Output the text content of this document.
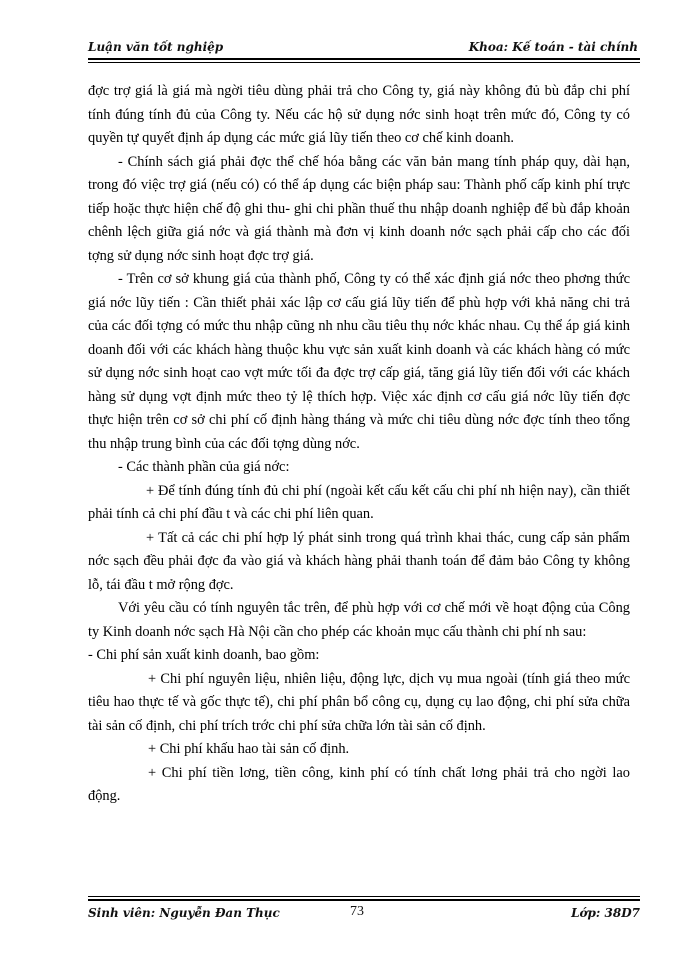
Luận văn tốt nghiệp	Khoa: Kế toán - tài chính

đợc trợ giá là giá mà ngời tiêu dùng phải trả cho Công ty, giá này không đủ bù đắp chi phí tính đúng tính đủ của Công ty. Nếu các hộ sử dụng nớc sinh hoạt trên mức đó, Công ty có quyền tự quyết định áp dụng các mức giá lũy tiến theo cơ chế kinh doanh.

- Chính sách giá phải đợc thể chế hóa bằng các văn bản mang tính pháp quy, dài hạn, trong đó việc trợ giá (nếu có) có thể áp dụng các biện pháp sau: Thành phố cấp kinh phí trực tiếp hoặc thực hiện chế độ ghi thu- ghi chi phần thuế thu nhập doanh nghiệp để bù đắp khoản chênh lệch giữa giá nớc và giá thành mà đơn vị kinh doanh nớc sạch phải cấp cho các đối tợng sử dụng nớc sinh hoạt đợc trợ giá.

- Trên cơ sở khung giá của thành phố, Công ty có thể xác định giá nớc theo phơng thức giá nớc lũy tiến : Cần thiết phải xác lập cơ cấu giá lũy tiến để phù hợp với khả năng chi trả của các đối tợng có mức thu nhập cũng nh nhu cầu tiêu thụ nớc khác nhau. Cụ thể áp giá kinh doanh đối với các khách hàng thuộc khu vực sản xuất kinh doanh và các khách hàng có mức sử dụng nớc sinh hoạt cao vợt mức tối đa đợc trợ cấp giá, tăng giá lũy tiến đối với các khách hàng sử dụng vợt định mức theo tỷ lệ thích hợp. Việc xác định cơ cấu giá nớc lũy tiến đợc thực hiện trên cơ sở chi phí cố định hàng tháng và mức chi tiêu dùng nớc đợc tính theo tổng thu nhập trung bình của các đối tợng dùng nớc.

- Các thành phần của giá nớc:

+ Để tính đúng tính đủ chi phí (ngoài kết cấu kết cấu chi phí nh hiện nay), cần thiết phải tính cả chi phí đầu t và các chi phí liên quan.

+ Tất cả các chi phí hợp lý phát sinh trong quá trình khai thác, cung cấp sản phẩm nớc sạch đều phải đợc đa vào giá và khách hàng phải thanh toán để đảm bảo Công ty không lỗ, tái đầu t mở rộng đợc.

Với yêu cầu có tính nguyên tắc trên, để phù hợp với cơ chế mới về hoạt động của Công ty Kinh doanh nớc sạch Hà Nội cần cho phép các khoản mục cấu thành chi phí nh sau:

- Chi phí sản xuất kinh doanh, bao gồm:

+ Chi phí nguyên liệu, nhiên liệu, động lực, dịch vụ mua ngoài (tính giá theo mức tiêu hao thực tế và gốc thực tế), chi phí phân bổ công cụ, dụng cụ lao động, chi phí sửa chữa tài sản cố định, chi phí trích trớc chi phí sửa chữa lớn tài sản cố định.

+ Chi phí khấu hao tài sản cố định.

+ Chi phí tiền lơng, tiền công, kinh phí có tính chất lơng phải trả cho ngời lao động.

Sinh viên: Nguyễn Đan Thục	73	Lớp: 38D7
